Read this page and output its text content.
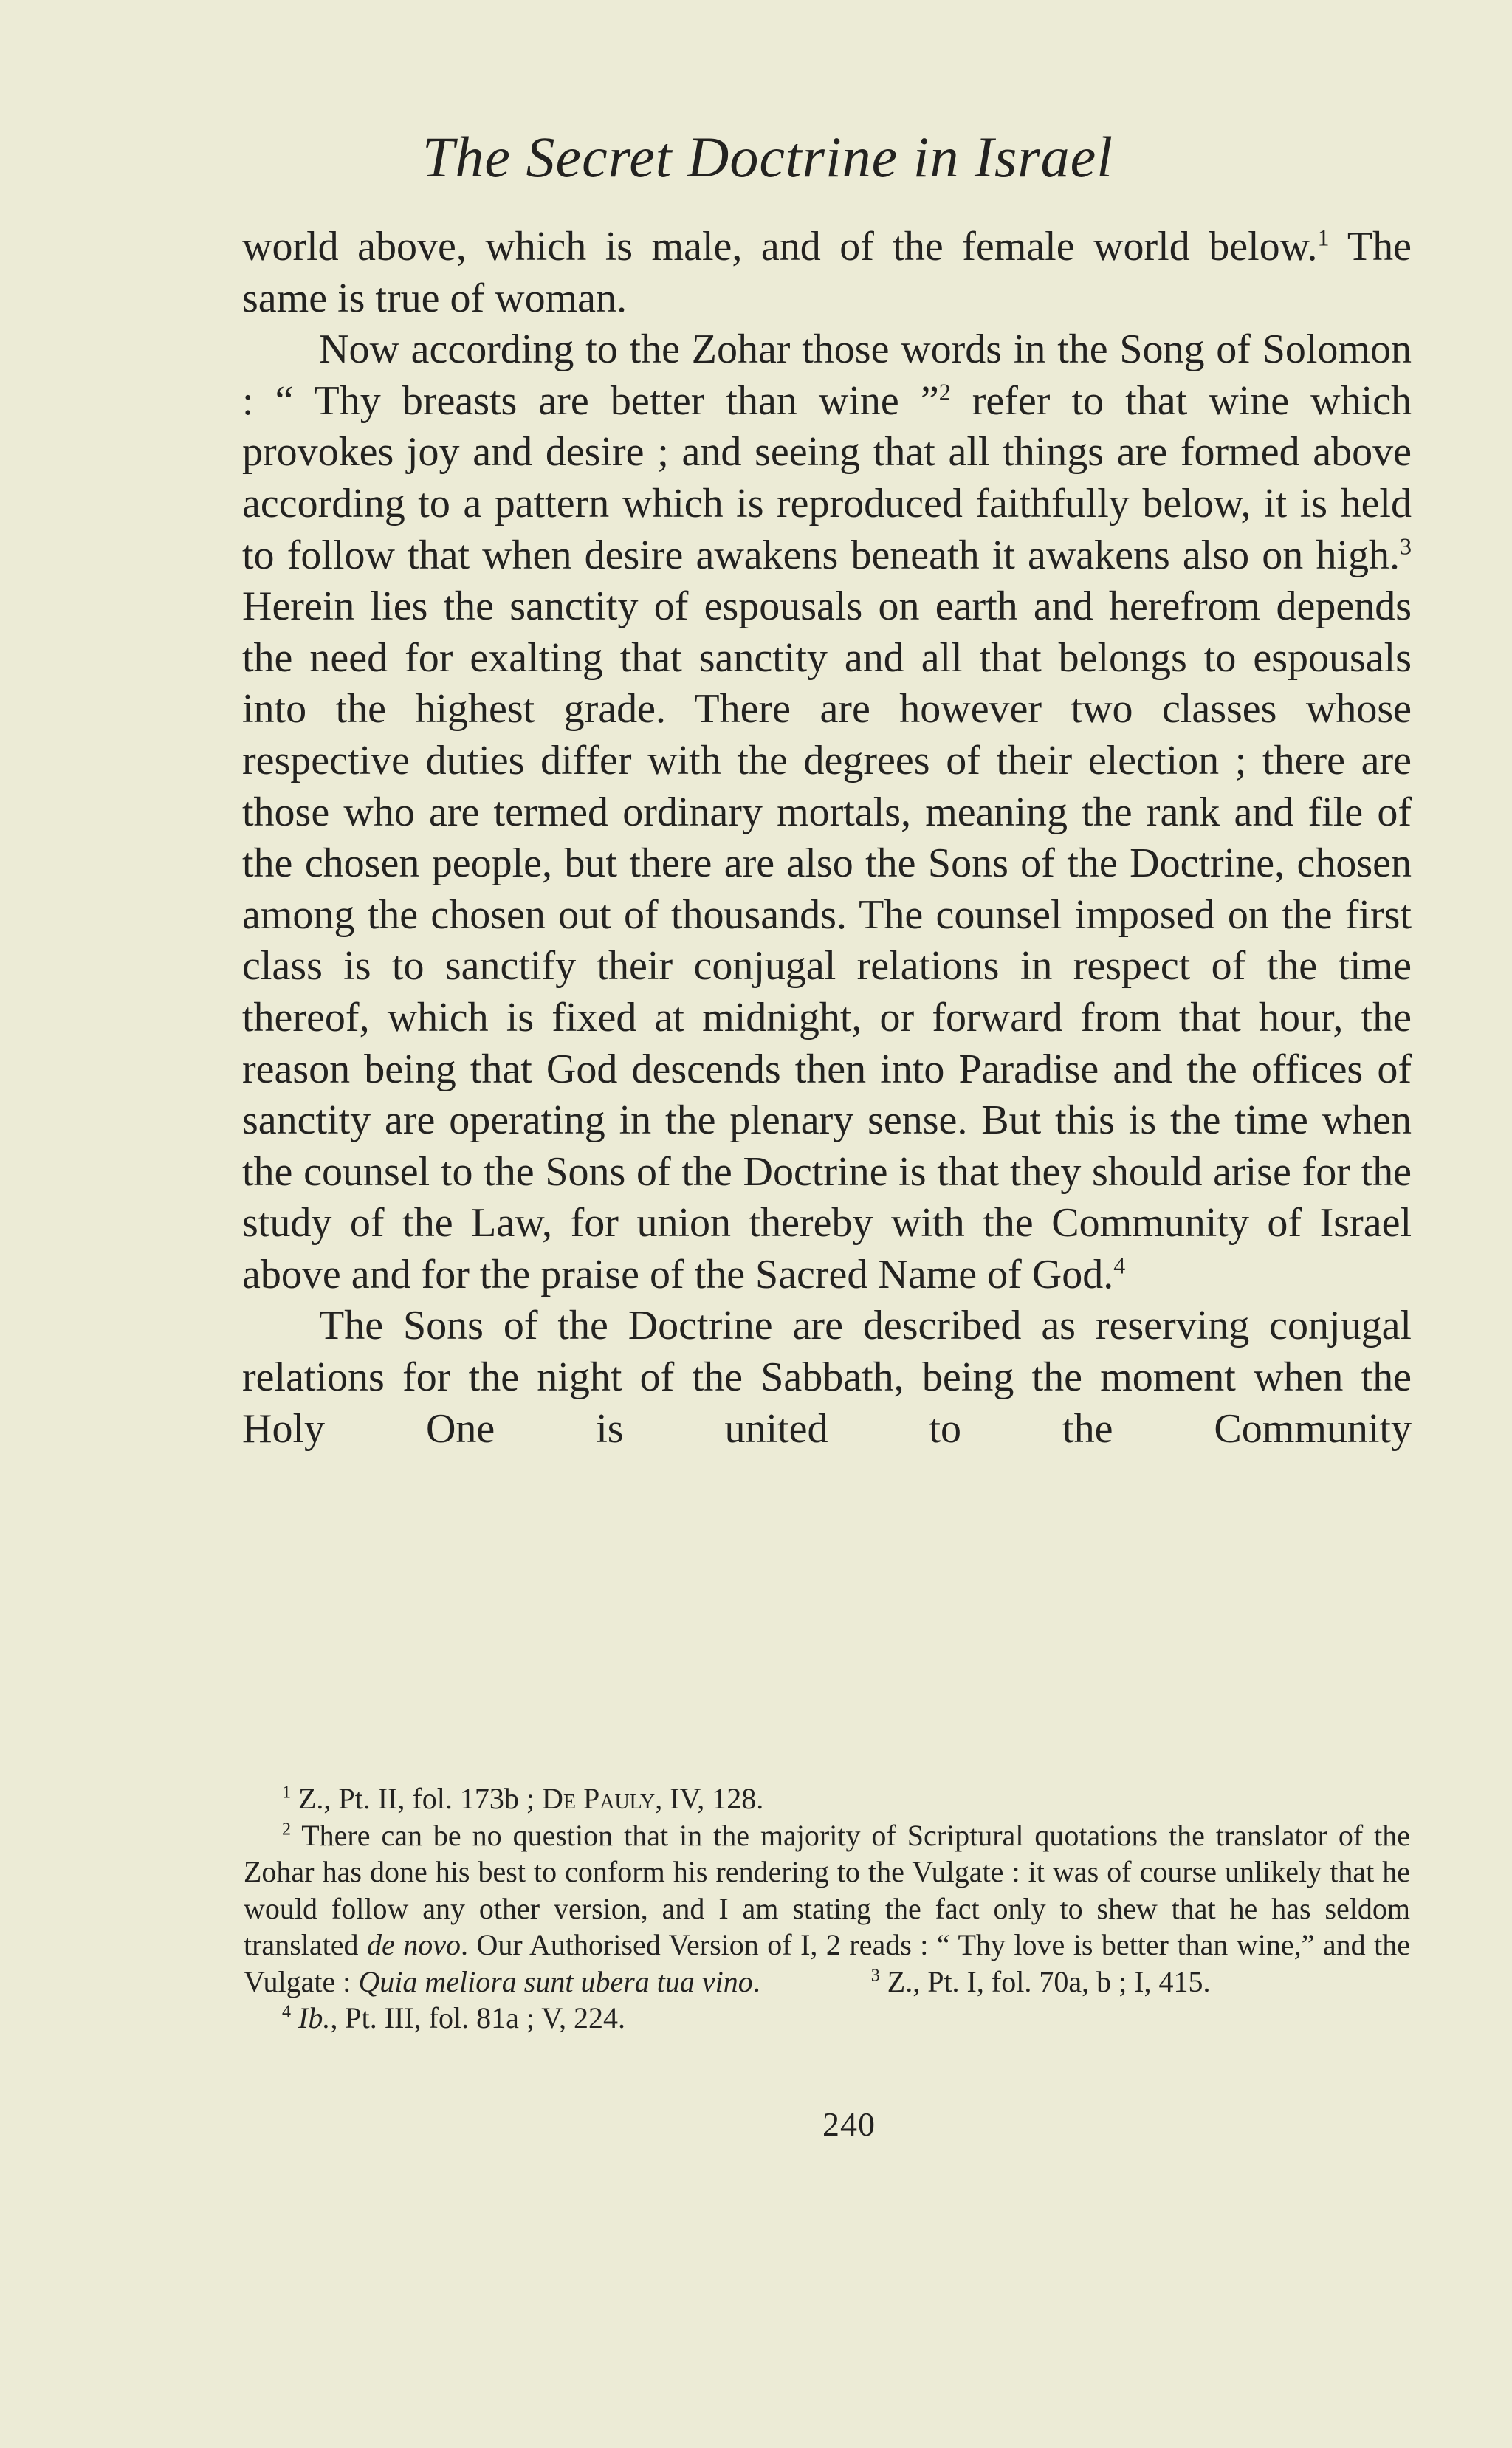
The Secret Doctrine in Israel

world above, which is male, and of the female world below.$^1$ The same is true of woman.

Now according to the Zohar those words in the Song of Solomon : “ Thy breasts are better than wine ”$^2$ refer to that wine which provokes joy and desire ; and seeing that all things are formed above according to a pattern which is reproduced faithfully below, it is held to follow that when desire awakens beneath it awakens also on high.$^3$ Herein lies the sanctity of espousals on earth and herefrom depends the need for exalting that sanctity and all that belongs to espousals into the highest grade. There are however two classes whose respective duties differ with the degrees of their election ; there are those who are termed ordinary mortals, meaning the rank and file of the chosen people, but there are also the Sons of the Doctrine, chosen among the chosen out of thousands. The counsel imposed on the first class is to sanctify their conjugal relations in respect of the time thereof, which is fixed at midnight, or forward from that hour, the reason being that God descends then into Paradise and the offices of sanctity are operating in the plenary sense. But this is the time when the counsel to the Sons of the Doctrine is that they should arise for the study of the Law, for union thereby with the Community of Israel above and for the praise of the Sacred Name of God.$^4$

The Sons of the Doctrine are described as reserving conjugal relations for the night of the Sabbath, being the moment when the Holy One is united to the Community

$^1$ Z., Pt. II, fol. 173b ; De Pauly, IV, 128.

$^2$ There can be no question that in the majority of Scriptural quotations the translator of the Zohar has done his best to conform his rendering to the Vulgate : it was of course unlikely that he would follow any other version, and I am stating the fact only to shew that he has seldom translated de novo. Our Authorised Version of I, 2 reads : “ Thy love is better than wine,” and the Vulgate : Quia meliora sunt ubera tua vino.	$^3$ Z., Pt. I, fol. 70a, b ; I, 415.

$^4$ Ib., Pt. III, fol. 81a ; V, 224.

240
